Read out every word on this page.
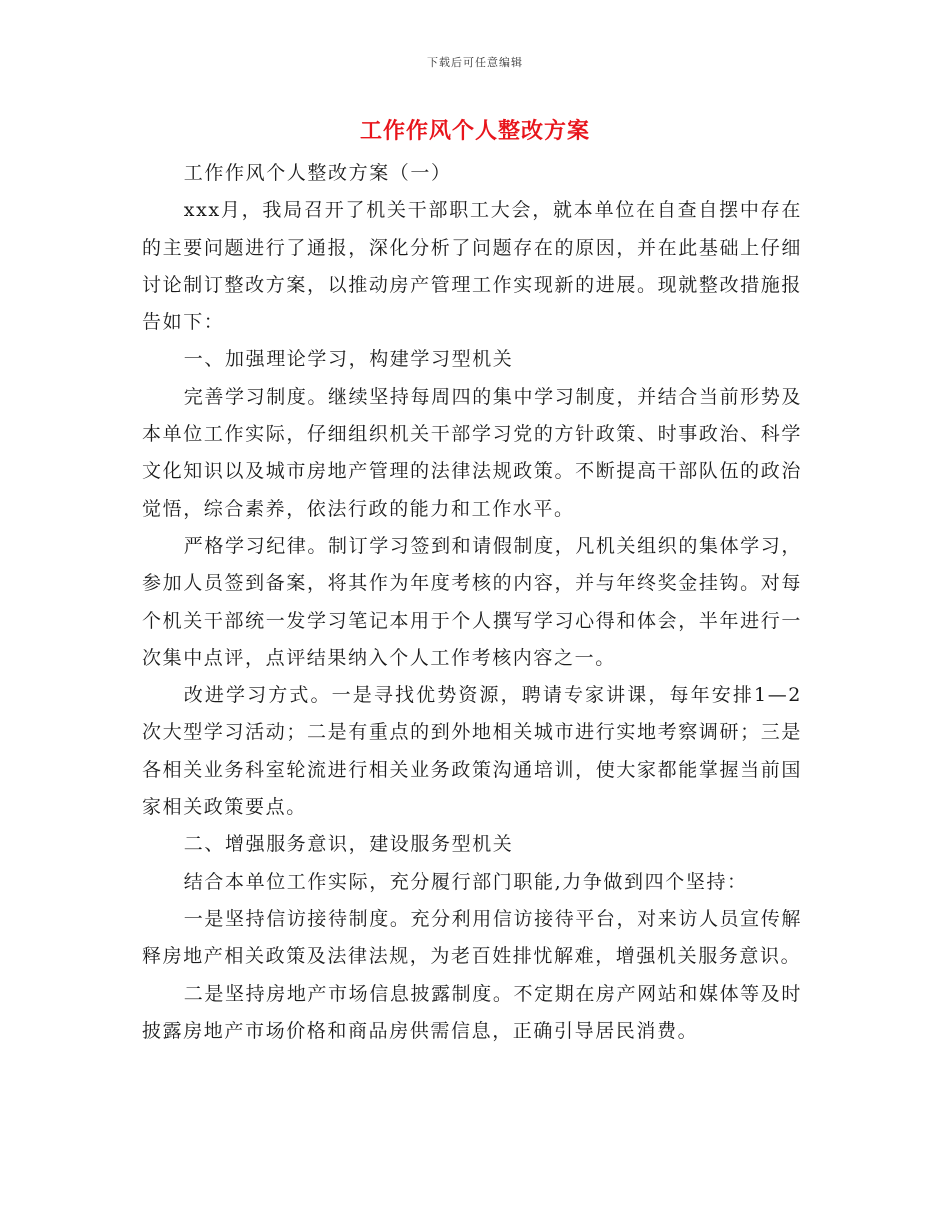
下载后可任意编辑
工作作风个人整改方案

工作作风个人整改方案（一）

xxx月，我局召开了机关干部职工大会，就本单位在自查自摆中存在的主要问题进行了通报，深化分析了问题存在的原因，并在此基础上仔细讨论制订整改方案，以推动房产管理工作实现新的进展。现就整改措施报告如下：

一、加强理论学习，构建学习型机关

完善学习制度。继续坚持每周四的集中学习制度，并结合当前形势及本单位工作实际，仔细组织机关干部学习党的方针政策、时事政治、科学文化知识以及城市房地产管理的法律法规政策。不断提高干部队伍的政治觉悟，综合素养，依法行政的能力和工作水平。

严格学习纪律。制订学习签到和请假制度，凡机关组织的集体学习，参加人员签到备案，将其作为年度考核的内容，并与年终奖金挂钩。对每个机关干部统一发学习笔记本用于个人撰写学习心得和体会，半年进行一次集中点评，点评结果纳入个人工作考核内容之一。

改进学习方式。一是寻找优势资源，聘请专家讲课，每年安排1—2次大型学习活动；二是有重点的到外地相关城市进行实地考察调研；三是各相关业务科室轮流进行相关业务政策沟通培训，使大家都能掌握当前国家相关政策要点。

二、增强服务意识，建设服务型机关

结合本单位工作实际，充分履行部门职能,力争做到四个坚持：

一是坚持信访接待制度。充分利用信访接待平台，对来访人员宣传解释房地产相关政策及法律法规，为老百姓排忧解难，增强机关服务意识。

二是坚持房地产市场信息披露制度。不定期在房产网站和媒体等及时披露房地产市场价格和商品房供需信息，正确引导居民消费。
